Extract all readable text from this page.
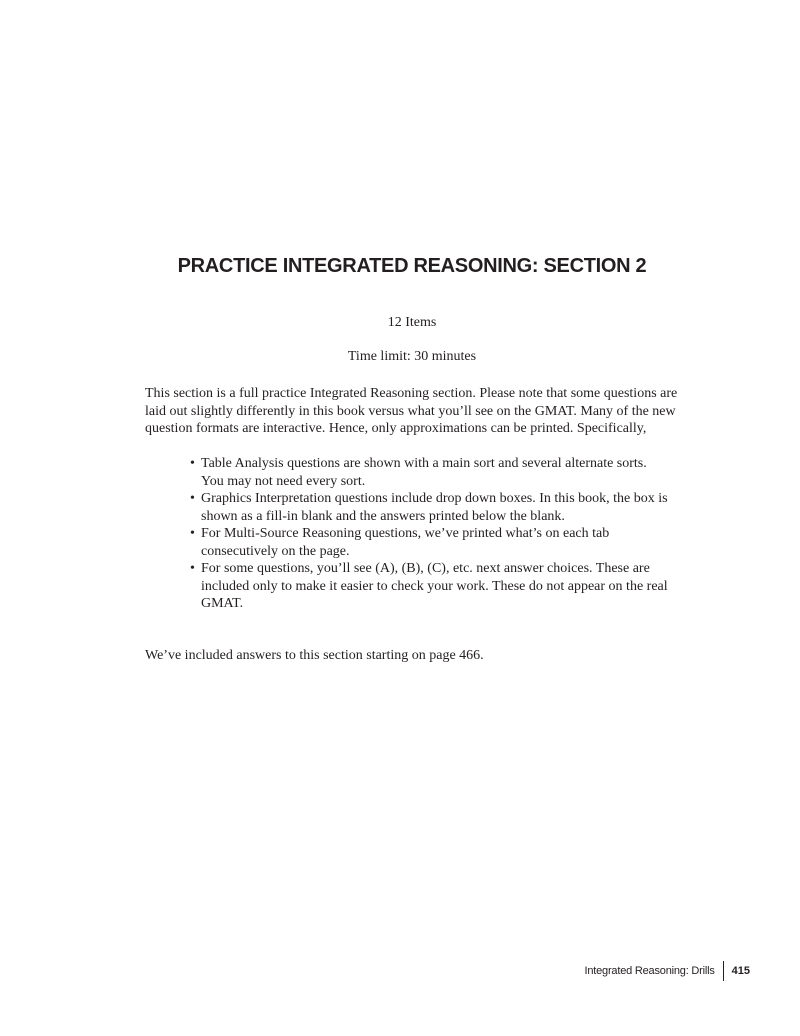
PRACTICE INTEGRATED REASONING: SECTION 2
12 Items
Time limit: 30 minutes

This section is a full practice Integrated Reasoning section. Please note that some questions are laid out slightly differently in this book versus what you’ll see on the GMAT. Many of the new question formats are interactive. Hence, only approximations can be printed. Specifically,

• Table Analysis questions are shown with a main sort and several alternate sorts. You may not need every sort.
• Graphics Interpretation questions include drop down boxes. In this book, the box is shown as a fill-in blank and the answers printed below the blank.
• For Multi-Source Reasoning questions, we’ve printed what’s on each tab consecutively on the page.
• For some questions, you’ll see (A), (B), (C), etc. next answer choices. These are included only to make it easier to check your work. These do not appear on the real GMAT.

We’ve included answers to this section starting on page 466.

Integrated Reasoning: Drills 415
